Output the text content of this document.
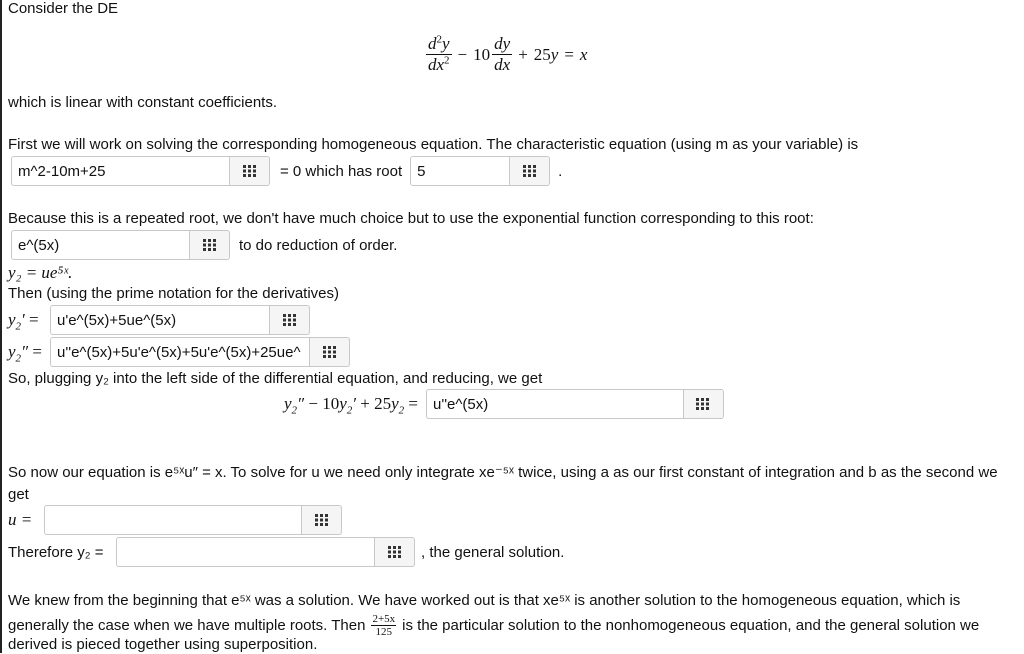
Consider the DE
$\frac{d^2y}{dx^2} - 10 \frac{dy}{dx} + 25$ y = x
which is linear with constant coefficients.
First we will work on solving the corresponding homogeneous equation. The characteristic equation (using m as your variable) is
m^2-10m+25	= 0 which has root	5	.
Because this is a repeated root, we don't have much choice but to use the exponential function corresponding to this root:
e^(5x)	to do reduction of order.
y₂ = ue⁵ˣ.
Then (using the prime notation for the derivatives)
$y_2'$ =	u'e^(5x)+5ue^(5x)
$y_2''$ =	u''e^(5x)+5u'e^(5x)+5u'e^(5x)+25ue^
So, plugging y₂ into the left side of the differential equation, and reducing, we get
$y_2'' - 10y_2' + 25y_2$ =	u''e^(5x)
So now our equation is e⁵ˣu″ = x. To solve for u we need only integrate xe⁻⁵ˣ twice, using a as our first constant of integration and b as the second we
get
u =
Therefore y₂ =	, the general solution.
We knew from the beginning that e⁵ˣ was a solution. We have worked out is that xe⁵ˣ is another solution to the homogeneous equation, which is
generally the case when we have multiple roots. Then $\frac{2+5x}{125}$ is the particular solution to the nonhomogeneous equation, and the general solution we
derived is pieced together using superposition.
